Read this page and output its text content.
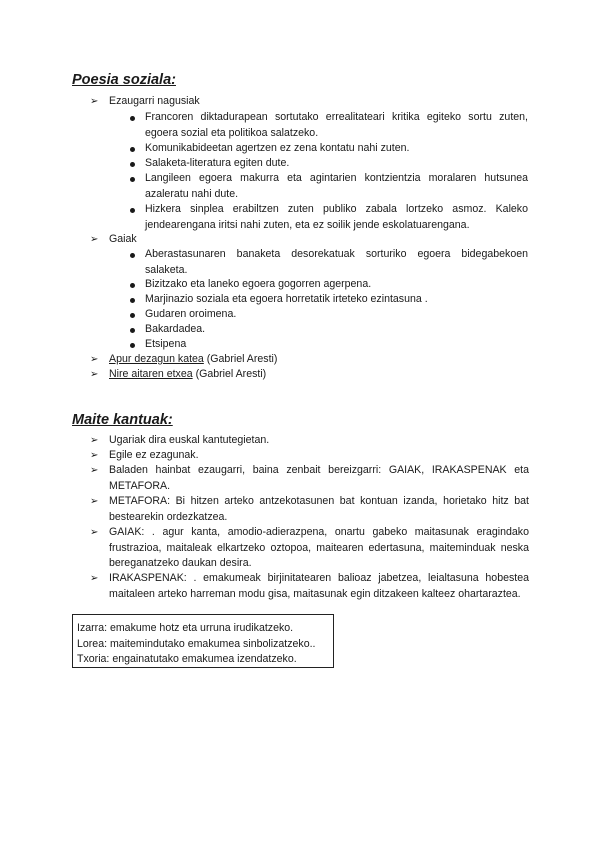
Poesia soziala:
➢ Ezaugarri nagusiak
Francoren diktadurapean sortutako errealitateari kritika egiteko sortu zuten, egoera sozial eta politikoa salatzeko.
Komunikabideetan agertzen ez zena kontatu nahi zuten.
Salaketa-literatura egiten dute.
Langileen egoera makurra eta agintarien kontzientzia moralaren hutsunea azaleratu nahi dute.
Hizkera sinplea erabiltzen zuten publiko zabala lortzeko asmoz. Kaleko jendearengana iritsi nahi zuten, eta ez soilik jende eskolatuarengana.
➢ Gaiak
Aberastasunaren banaketa desorekatuak sorturiko egoera bidegabekoen salaketa.
Bizitzako eta laneko egoera gogorren agerpena.
Marjinazio soziala eta egoera horretatik irteteko ezintasuna .
Gudaren oroimena.
Bakardadea.
Etsipena
➢ Apur dezagun katea (Gabriel Aresti)
➢ Nire aitaren etxea (Gabriel Aresti)
Maite kantuak:
➢ Ugariak dira euskal kantutegietan.
➢ Egile ez ezagunak.
➢ Baladen hainbat ezaugarri, baina zenbait bereizgarri: GAIAK, IRAKASPENAK eta METAFORA.
➢ METAFORA: Bi hitzen arteko antzekotasunen bat kontuan izanda, horietako hitz bat bestearekin ordezkatzea.
➢ GAIAK: . agur kanta, amodio-adierazpena, onartu gabeko maitasunak eragindako frustrazioa, maitaleak elkartzeko oztopoa, maitearen edertasuna, maiteminduak neska bereganatzeko daukan desira.
➢ IRAKASPENAK: . emakumeak birjinitatearen balioaz jabetzea, leialtasuna hobestea maitaleen arteko harreman modu gisa, maitasunak egin ditzakeen kalteez ohartaraztea.
Izarra: emakume hotz eta urruna irudikatzeko.
Lorea: maitemindutako emakumea sinbolizatzeko..
Txoria: engainatutako emakumea izendatzeko.
